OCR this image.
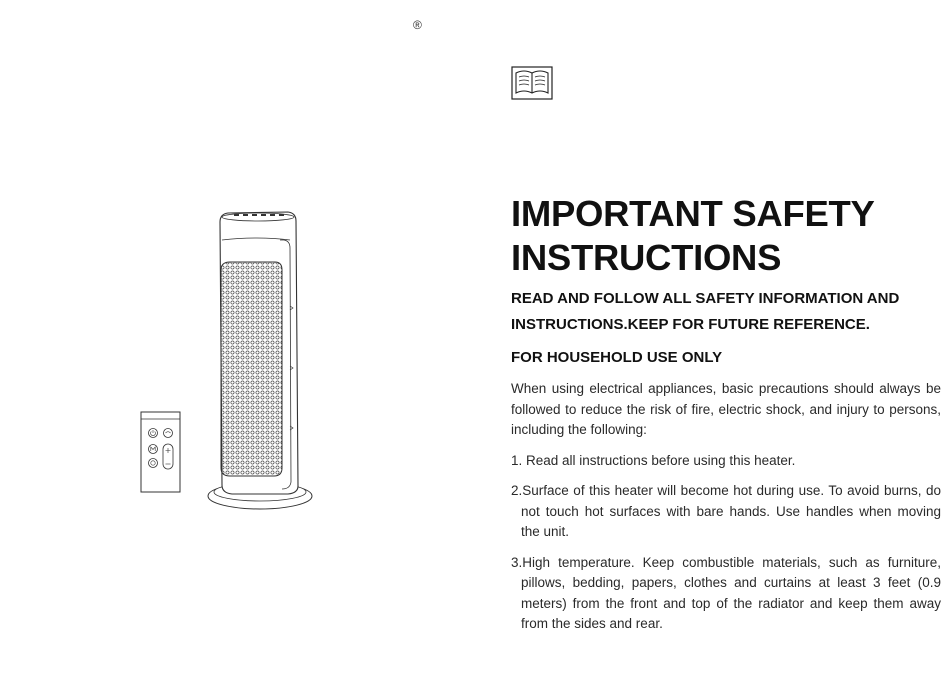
®
IMPORTANT SAFETY
INSTRUCTIONS
READ AND FOLLOW ALL SAFETY INFORMATION AND
INSTRUCTIONS.KEEP FOR FUTURE REFERENCE.
FOR HOUSEHOLD USE ONLY

When using electrical appliances, basic precautions should always be followed to reduce the risk of fire, electric shock, and injury to persons, including the following:

1. Read all instructions before using this heater.

2.Surface of this heater will become hot during use. To avoid burns, do not touch hot surfaces with bare hands. Use handles when moving the unit.

3.High temperature. Keep combustible materials, such as furniture, pillows, bedding, papers, clothes and curtains at least 3 feet (0.9 meters) from the front and top of the radiator and keep them away from the sides and rear.
